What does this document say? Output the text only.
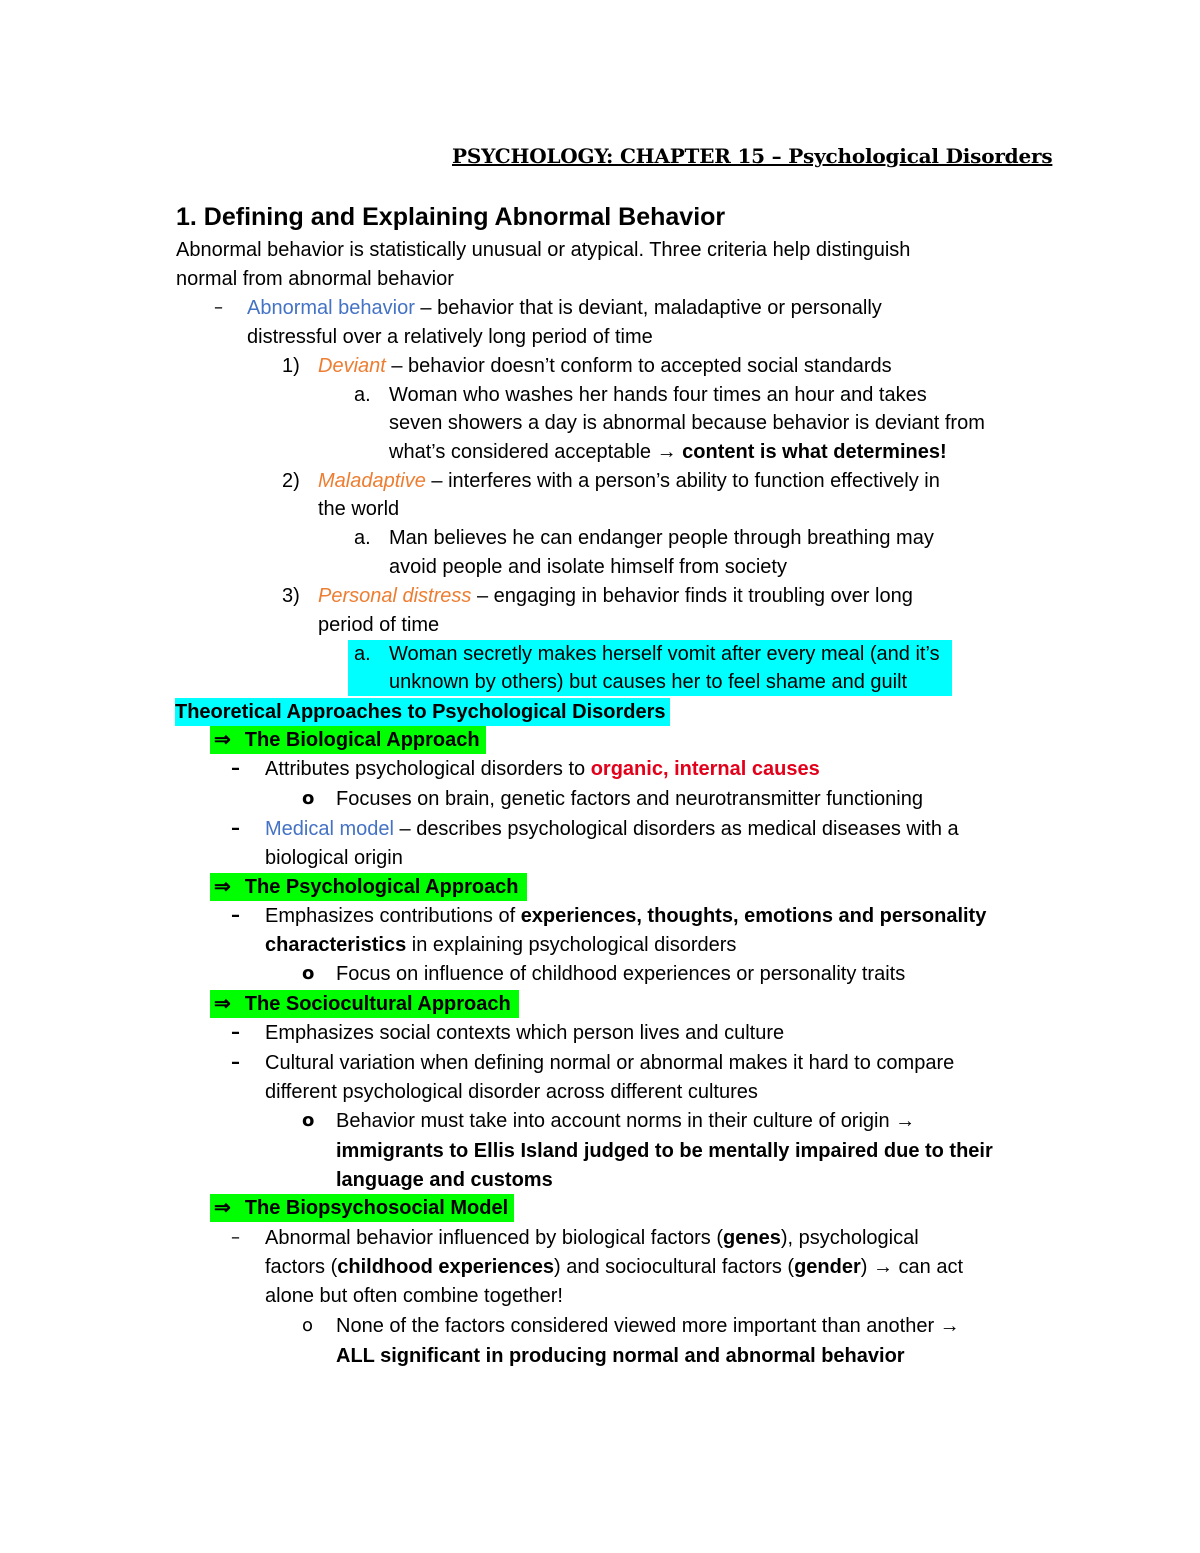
PSYCHOLOGY: CHAPTER 15 – Psychological Disorders
1. Defining and Explaining Abnormal Behavior
Abnormal behavior is statistically unusual or atypical. Three criteria help distinguish
normal from abnormal behavior
– Abnormal behavior – behavior that is deviant, maladaptive or personally
distressful over a relatively long period of time
1) Deviant – behavior doesn’t conform to accepted social standards
a. Woman who washes her hands four times an hour and takes
seven showers a day is abnormal because behavior is deviant from
what’s considered acceptable → content is what determines!
2) Maladaptive – interferes with a person’s ability to function effectively in
the world
a. Man believes he can endanger people through breathing may
avoid people and isolate himself from society
3) Personal distress – engaging in behavior finds it troubling over long
period of time
a. Woman secretly makes herself vomit after every meal (and it’s
unknown by others) but causes her to feel shame and guilt
Theoretical Approaches to Psychological Disorders
⇒ The Biological Approach
– Attributes psychological disorders to organic, internal causes
o Focuses on brain, genetic factors and neurotransmitter functioning
– Medical model – describes psychological disorders as medical diseases with a
biological origin
⇒ The Psychological Approach
– Emphasizes contributions of experiences, thoughts, emotions and personality
characteristics in explaining psychological disorders
o Focus on influence of childhood experiences or personality traits
⇒ The Sociocultural Approach
– Emphasizes social contexts which person lives and culture
– Cultural variation when defining normal or abnormal makes it hard to compare
different psychological disorder across different cultures
o Behavior must take into account norms in their culture of origin →
immigrants to Ellis Island judged to be mentally impaired due to their
language and customs
⇒ The Biopsychosocial Model
– Abnormal behavior influenced by biological factors (genes), psychological
factors (childhood experiences) and sociocultural factors (gender) → can act
alone but often combine together!
o None of the factors considered viewed more important than another →
ALL significant in producing normal and abnormal behavior
